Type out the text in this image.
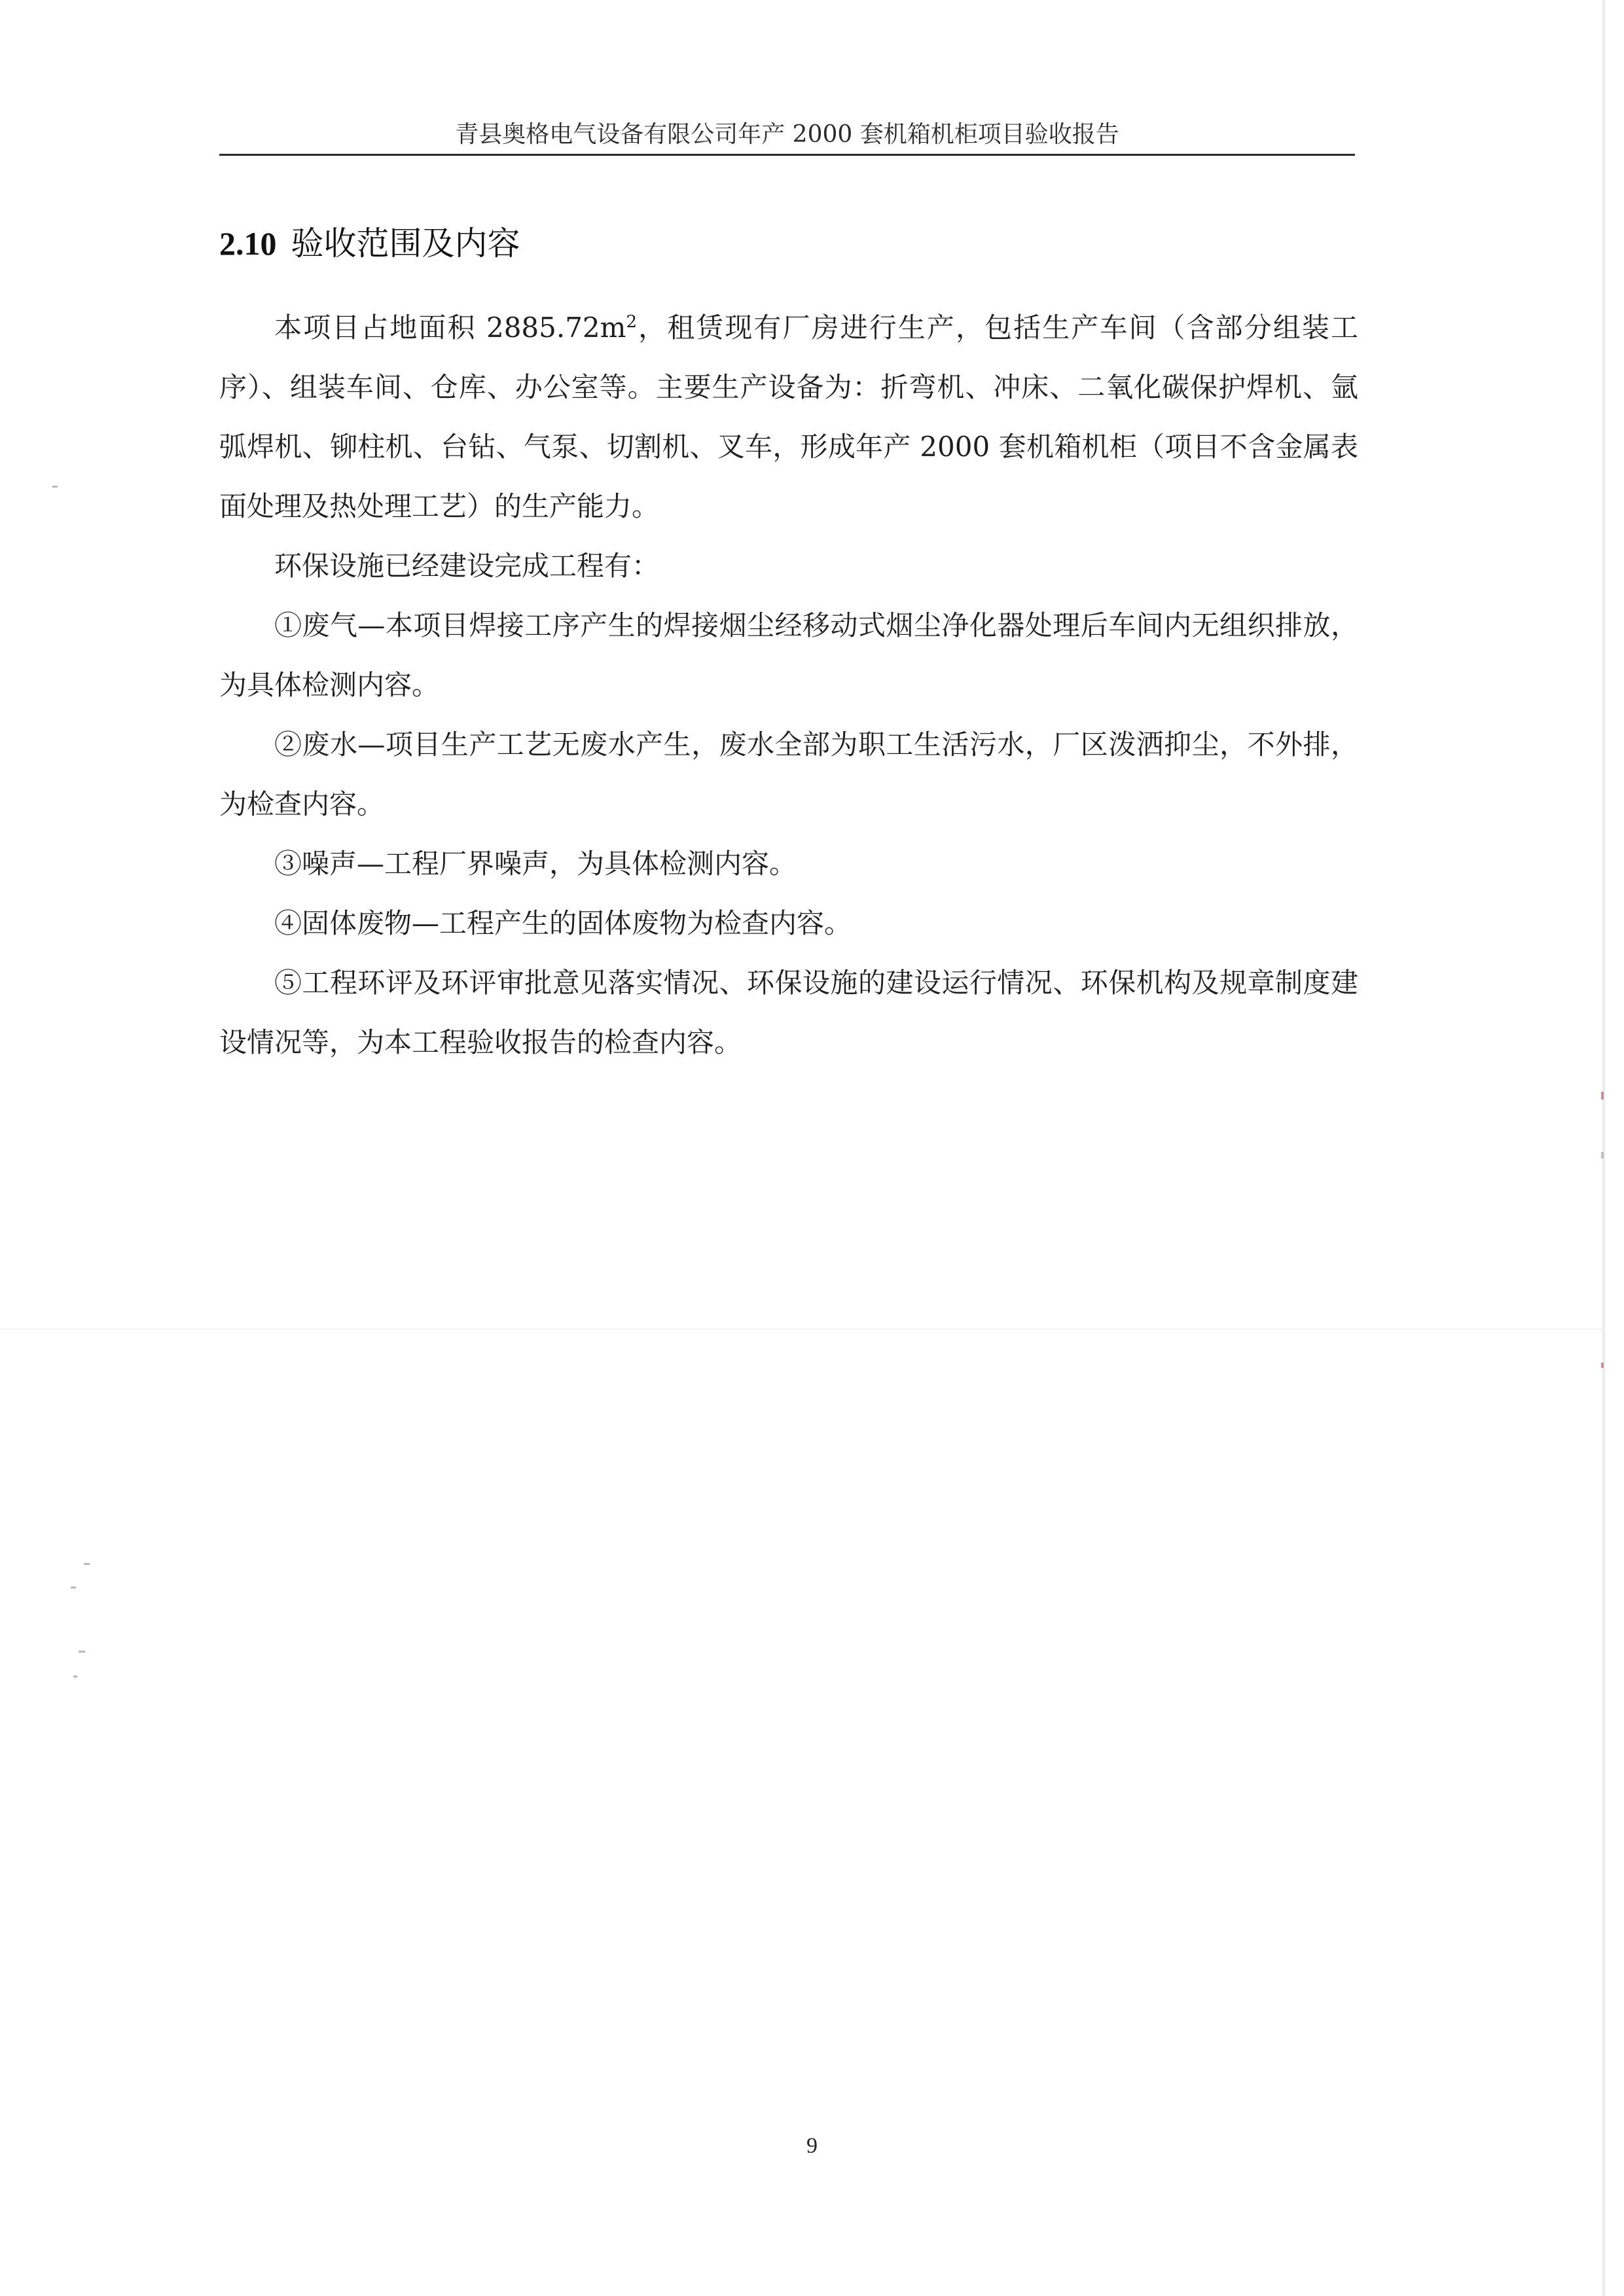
青县奥格电气设备有限公司年产 2000 套机箱机柜项目验收报告
2.10 验收范围及内容

本项目占地面积 $2885.72m^2$，租赁现有厂房进行生产，包括生产车间（含部分组装工序）、组装车间、仓库、办公室等。主要生产设备为：折弯机、冲床、二氧化碳保护焊机、氩弧焊机、铆柱机、台钻、气泵、切割机、叉车，形成年产 2000 套机箱机柜（项目不含金属表面处理及热处理工艺）的生产能力。

环保设施已经建设完成工程有：

①废气—本项目焊接工序产生的焊接烟尘经移动式烟尘净化器处理后车间内无组织排放，为具体检测内容。

②废水—项目生产工艺无废水产生，废水全部为职工生活污水，厂区泼洒抑尘，不外排，为检查内容。

③噪声—工程厂界噪声，为具体检测内容。

④固体废物—工程产生的固体废物为检查内容。

⑤工程环评及环评审批意见落实情况、环保设施的建设运行情况、环保机构及规章制度建设情况等，为本工程验收报告的检查内容。

9
